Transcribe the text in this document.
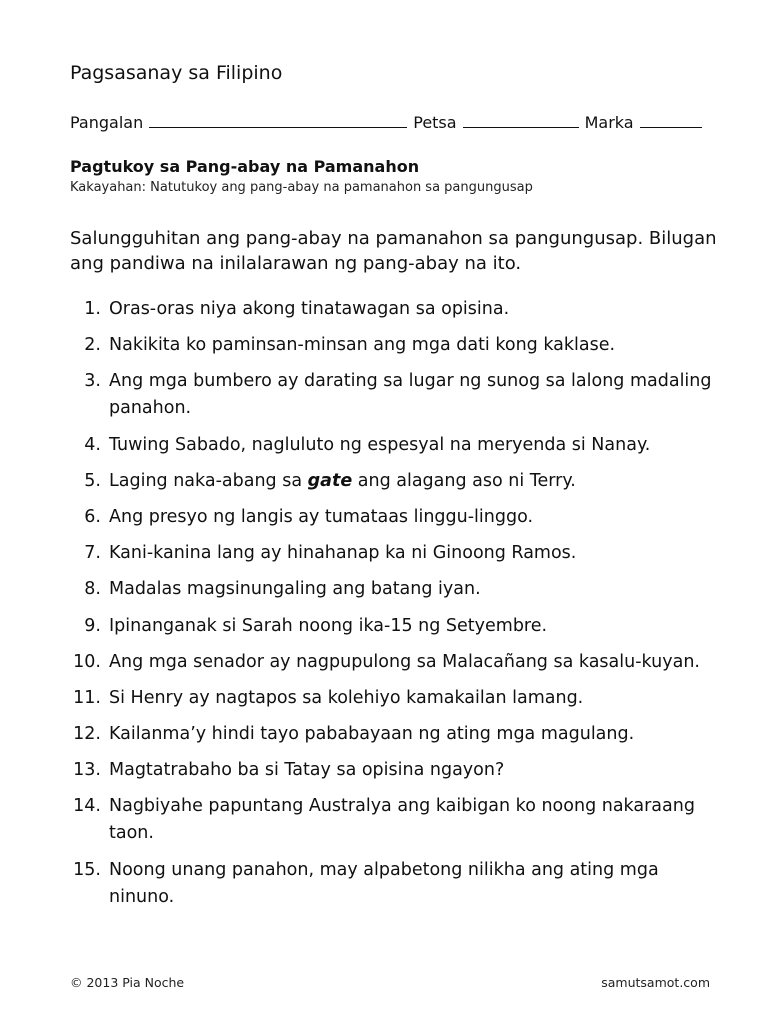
Pagsasanay sa Filipino
Pangalan	Petsa	Marka
Pagtukoy sa Pang-abay na Pamanahon
Kakayahan: Natutukoy ang pang-abay na pamanahon sa pangungusap
Salungguhitan ang pang-abay na pamanahon sa pangungusap. Bilugan ang pandiwa na inilalarawan ng pang-abay na ito.
1. Oras-oras niya akong tinatawagan sa opisina.
2. Nakikita ko paminsan-minsan ang mga dati kong kaklase.
3. Ang mga bumbero ay darating sa lugar ng sunog sa lalong madaling panahon.
4. Tuwing Sabado, nagluluto ng espesyal na meryenda si Nanay.
5. Laging naka-abang sa gate ang alagang aso ni Terry.
6. Ang presyo ng langis ay tumataas linggu-linggo.
7. Kani-kanina lang ay hinahanap ka ni Ginoong Ramos.
8. Madalas magsinungaling ang batang iyan.
9. Ipinanganak si Sarah noong ika-15 ng Setyembre.
10. Ang mga senador ay nagpupulong sa Malacañang sa kasalu-kuyan.
11. Si Henry ay nagtapos sa kolehiyo kamakailan lamang.
12. Kailanma’y hindi tayo pababayaan ng ating mga magulang.
13. Magtatrabaho ba si Tatay sa opisina ngayon?
14. Nagbiyahe papuntang Australya ang kaibigan ko noong nakaraang taon.
15. Noong unang panahon, may alpabetong nilikha ang ating mga ninuno.
© 2013 Pia Noche	samutsamot.com
